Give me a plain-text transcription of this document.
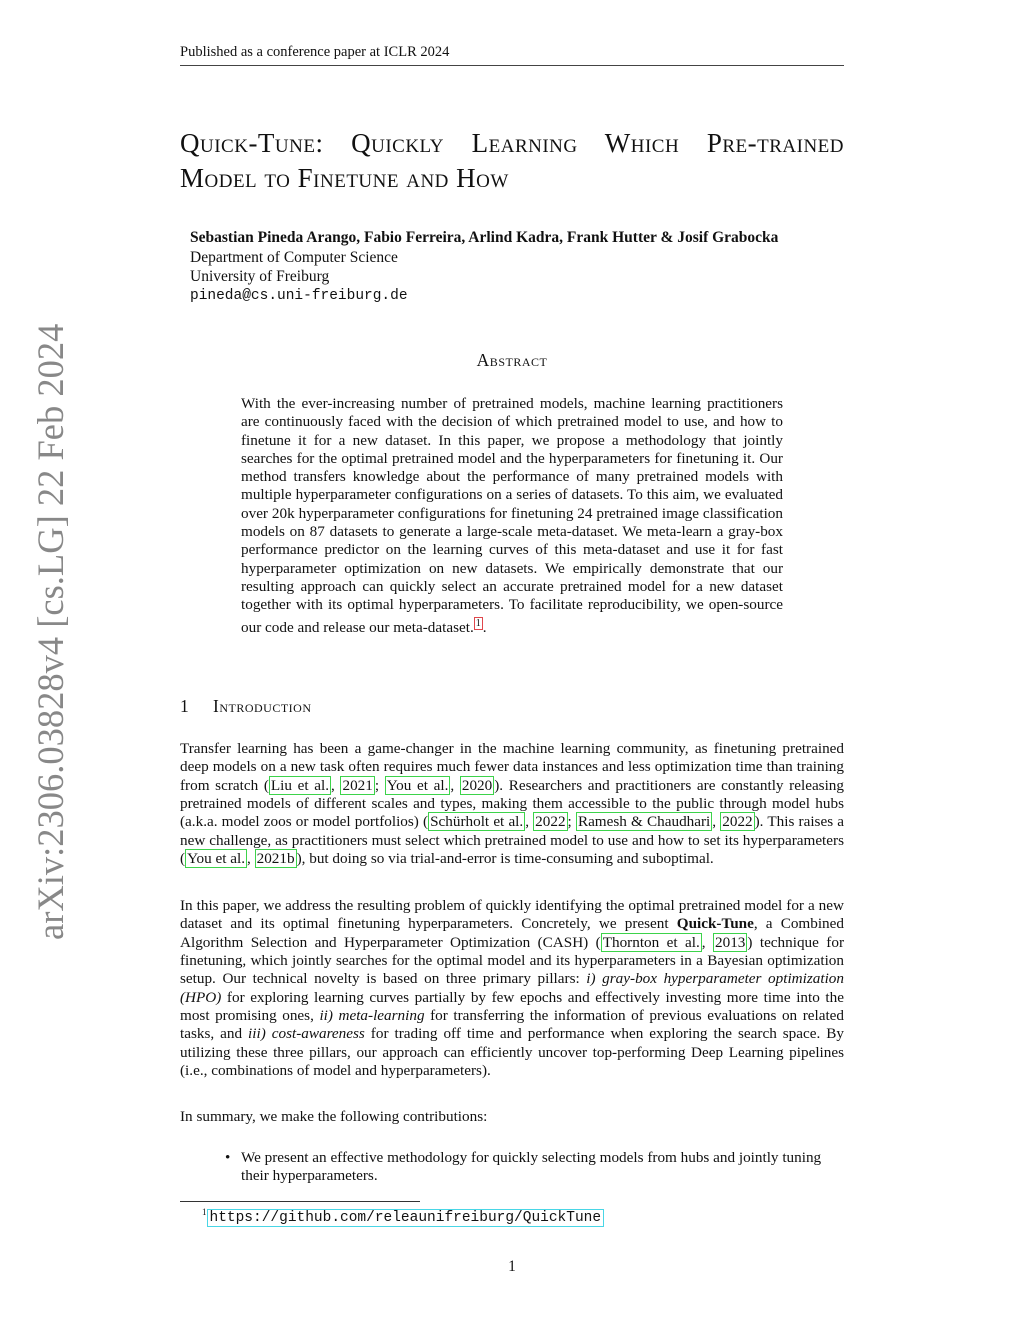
Published as a conference paper at ICLR 2024
arXiv:2306.03828v4 [cs.LG] 22 Feb 2024
Quick-Tune: Quickly Learning Which Pre-trained Model to Finetune and How
Sebastian Pineda Arango, Fabio Ferreira, Arlind Kadra, Frank Hutter & Josif Grabocka
Department of Computer Science
University of Freiburg
pineda@cs.uni-freiburg.de
Abstract
With the ever-increasing number of pretrained models, machine learning practitioners are continuously faced with the decision of which pretrained model to use, and how to finetune it for a new dataset. In this paper, we propose a methodology that jointly searches for the optimal pretrained model and the hyperparameters for finetuning it. Our method transfers knowledge about the performance of many pretrained models with multiple hyperparameter configurations on a series of datasets. To this aim, we evaluated over 20k hyperparameter configurations for finetuning 24 pretrained image classification models on 87 datasets to generate a large-scale meta-dataset. We meta-learn a gray-box performance predictor on the learning curves of this meta-dataset and use it for fast hyperparameter optimization on new datasets. We empirically demonstrate that our resulting approach can quickly select an accurate pretrained model for a new dataset together with its optimal hyperparameters. To facilitate reproducibility, we open-source our code and release our meta-dataset. $^1$ .
1 Introduction
Transfer learning has been a game-changer in the machine learning community, as finetuning pretrained deep models on a new task often requires much fewer data instances and less optimization time than training from scratch ( Liu et al. , 2021 ; You et al. , 2020 ). Researchers and practitioners are constantly releasing pretrained models of different scales and types, making them accessible to the public through model hubs (a.k.a. model zoos or model portfolios) ( Schürholt et al. , 2022 ; Ramesh & Chaudhari , 2022 ). This raises a new challenge, as practitioners must select which pretrained model to use and how to set its hyperparameters ( You et al. , 2021b ), but doing so via trial-and-error is time-consuming and suboptimal.
In this paper, we address the resulting problem of quickly identifying the optimal pretrained model for a new dataset and its optimal finetuning hyperparameters. Concretely, we present Quick-Tune, a Combined Algorithm Selection and Hyperparameter Optimization (CASH) ( Thornton et al. , 2013 ) technique for finetuning, which jointly searches for the optimal model and its hyperparameters in a Bayesian optimization setup. Our technical novelty is based on three primary pillars: i) gray-box hyperparameter optimization (HPO) for exploring learning curves partially by few epochs and effectively investing more time into the most promising ones, ii) meta-learning for transferring the information of previous evaluations on related tasks, and iii) cost-awareness for trading off time and performance when exploring the search space. By utilizing these three pillars, our approach can efficiently uncover top-performing Deep Learning pipelines (i.e., combinations of model and hyperparameters).
In summary, we make the following contributions:
• We present an effective methodology for quickly selecting models from hubs and jointly tuning their hyperparameters.
$^1$ https://github.com/releaunifreiburg/QuickTune
1
